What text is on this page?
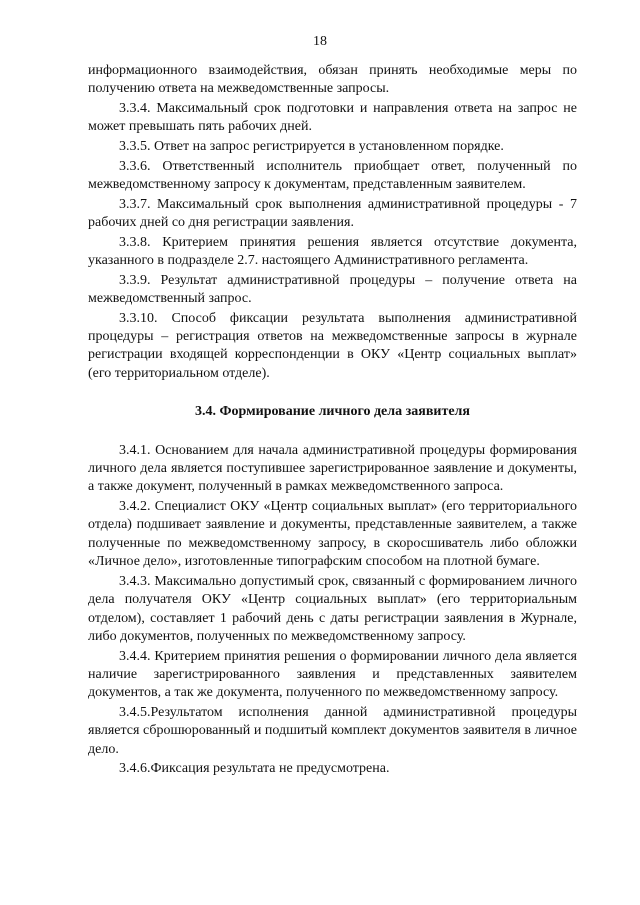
18

информационного взаимодействия, обязан принять необходимые меры по получению ответа на межведомственные запросы.

3.3.4. Максимальный срок подготовки и направления ответа на запрос не может превышать пять рабочих дней.

3.3.5. Ответ на запрос регистрируется в установленном порядке.

3.3.6. Ответственный исполнитель приобщает ответ, полученный по межведомственному запросу к документам, представленным заявителем.

3.3.7. Максимальный срок выполнения административной процедуры - 7 рабочих дней со дня регистрации заявления.

3.3.8. Критерием принятия решения является отсутствие документа, указанного в подразделе 2.7. настоящего Административного регламента.

3.3.9. Результат административной процедуры – получение ответа на межведомственный запрос.

3.3.10. Способ фиксации результата выполнения административной процедуры – регистрация ответов на межведомственные запросы в журнале регистрации входящей корреспонденции в ОКУ «Центр социальных выплат» (его территориальном отделе).

3.4. Формирование личного дела заявителя

3.4.1. Основанием для начала административной процедуры формирования личного дела является поступившее зарегистрированное заявление и документы, а также документ, полученный в рамках межведомственного запроса.

3.4.2. Специалист ОКУ «Центр социальных выплат» (его территориального отдела) подшивает заявление и документы, представленные заявителем, а также полученные по межведомственному запросу, в скоросшиватель либо обложки «Личное дело», изготовленные типографским способом на плотной бумаге.

3.4.3. Максимально допустимый срок, связанный с формированием личного дела получателя ОКУ «Центр социальных выплат» (его территориальным отделом), составляет 1 рабочий день с даты регистрации заявления в Журнале, либо документов, полученных по межведомственному запросу.

3.4.4. Критерием принятия решения о формировании личного дела является наличие зарегистрированного заявления и представленных заявителем документов, а так же документа, полученного по межведомственному запросу.

3.4.5.Результатом исполнения данной административной процедуры является сброшюрованный и подшитый комплект документов заявителя в личное дело.

3.4.6.Фиксация результата не предусмотрена.
